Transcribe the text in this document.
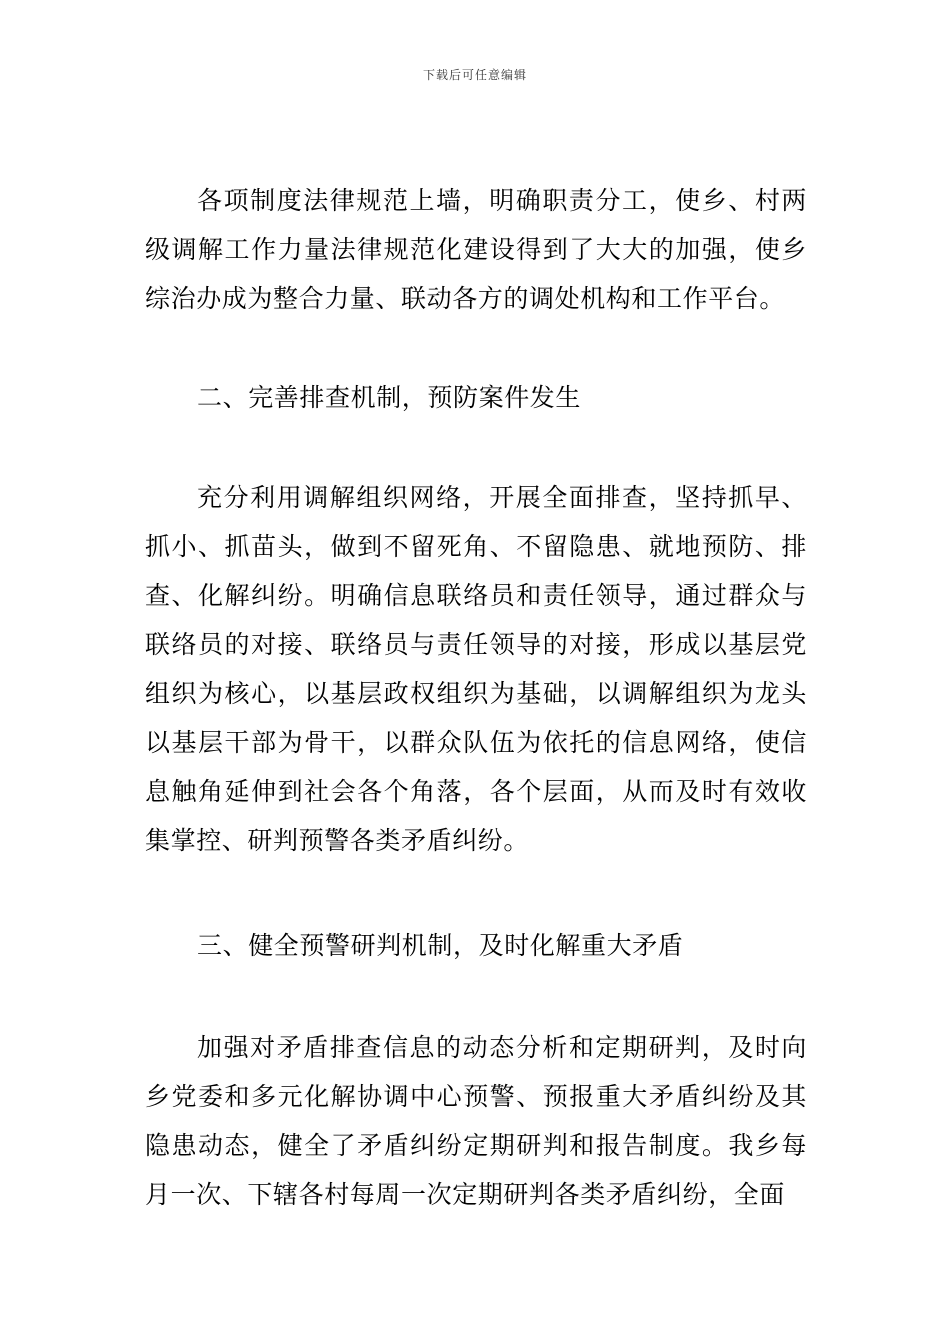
下载后可任意编辑

各项制度法律规范上墙，明确职责分工，使乡、村两级调解工作力量法律规范化建设得到了大大的加强，使乡综治办成为整合力量、联动各方的调处机构和工作平台。

二、完善排查机制，预防案件发生

充分利用调解组织网络，开展全面排查，坚持抓早、抓小、抓苗头，做到不留死角、不留隐患、就地预防、排查、化解纠纷。明确信息联络员和责任领导，通过群众与联络员的对接、联络员与责任领导的对接，形成以基层党组织为核心，以基层政权组织为基础，以调解组织为龙头以基层干部为骨干，以群众队伍为依托的信息网络，使信息触角延伸到社会各个角落，各个层面，从而及时有效收集掌控、研判预警各类矛盾纠纷。

三、健全预警研判机制，及时化解重大矛盾

加强对矛盾排查信息的动态分析和定期研判，及时向乡党委和多元化解协调中心预警、预报重大矛盾纠纷及其隐患动态，健全了矛盾纠纷定期研判和报告制度。我乡每月一次、下辖各村每周一次定期研判各类矛盾纠纷，全面
